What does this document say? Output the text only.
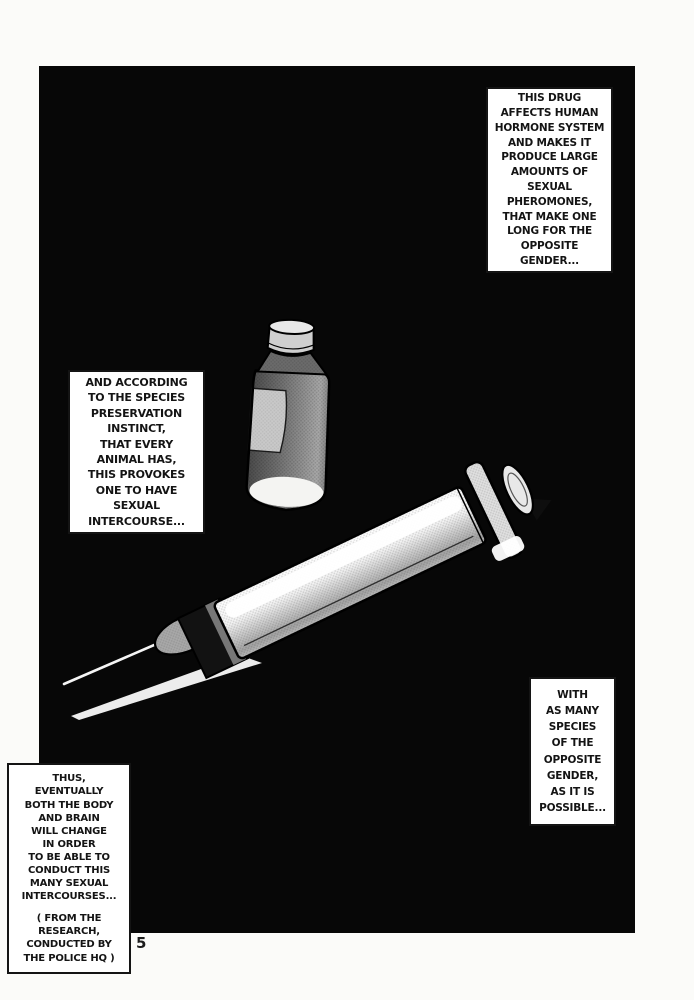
THIS DRUG
AFFECTS HUMAN
HORMONE SYSTEM
AND MAKES IT
PRODUCE LARGE
AMOUNTS OF
SEXUAL
PHEROMONES,
THAT MAKE ONE
LONG FOR THE
OPPOSITE
GENDER...
AND ACCORDING
TO THE SPECIES
PRESERVATION
INSTINCT,
THAT EVERY
ANIMAL HAS,
THIS PROVOKES
ONE TO HAVE
SEXUAL
INTERCOURSE...
WITH
AS MANY
SPECIES
OF THE
OPPOSITE
GENDER,
AS IT IS
POSSIBLE...
THUS,
EVENTUALLY
BOTH THE BODY
AND BRAIN
WILL CHANGE
IN ORDER
TO BE ABLE TO
CONDUCT THIS
MANY SEXUAL
INTERCOURSES...
( FROM THE
RESEARCH,
CONDUCTED BY
THE POLICE HQ )
5
